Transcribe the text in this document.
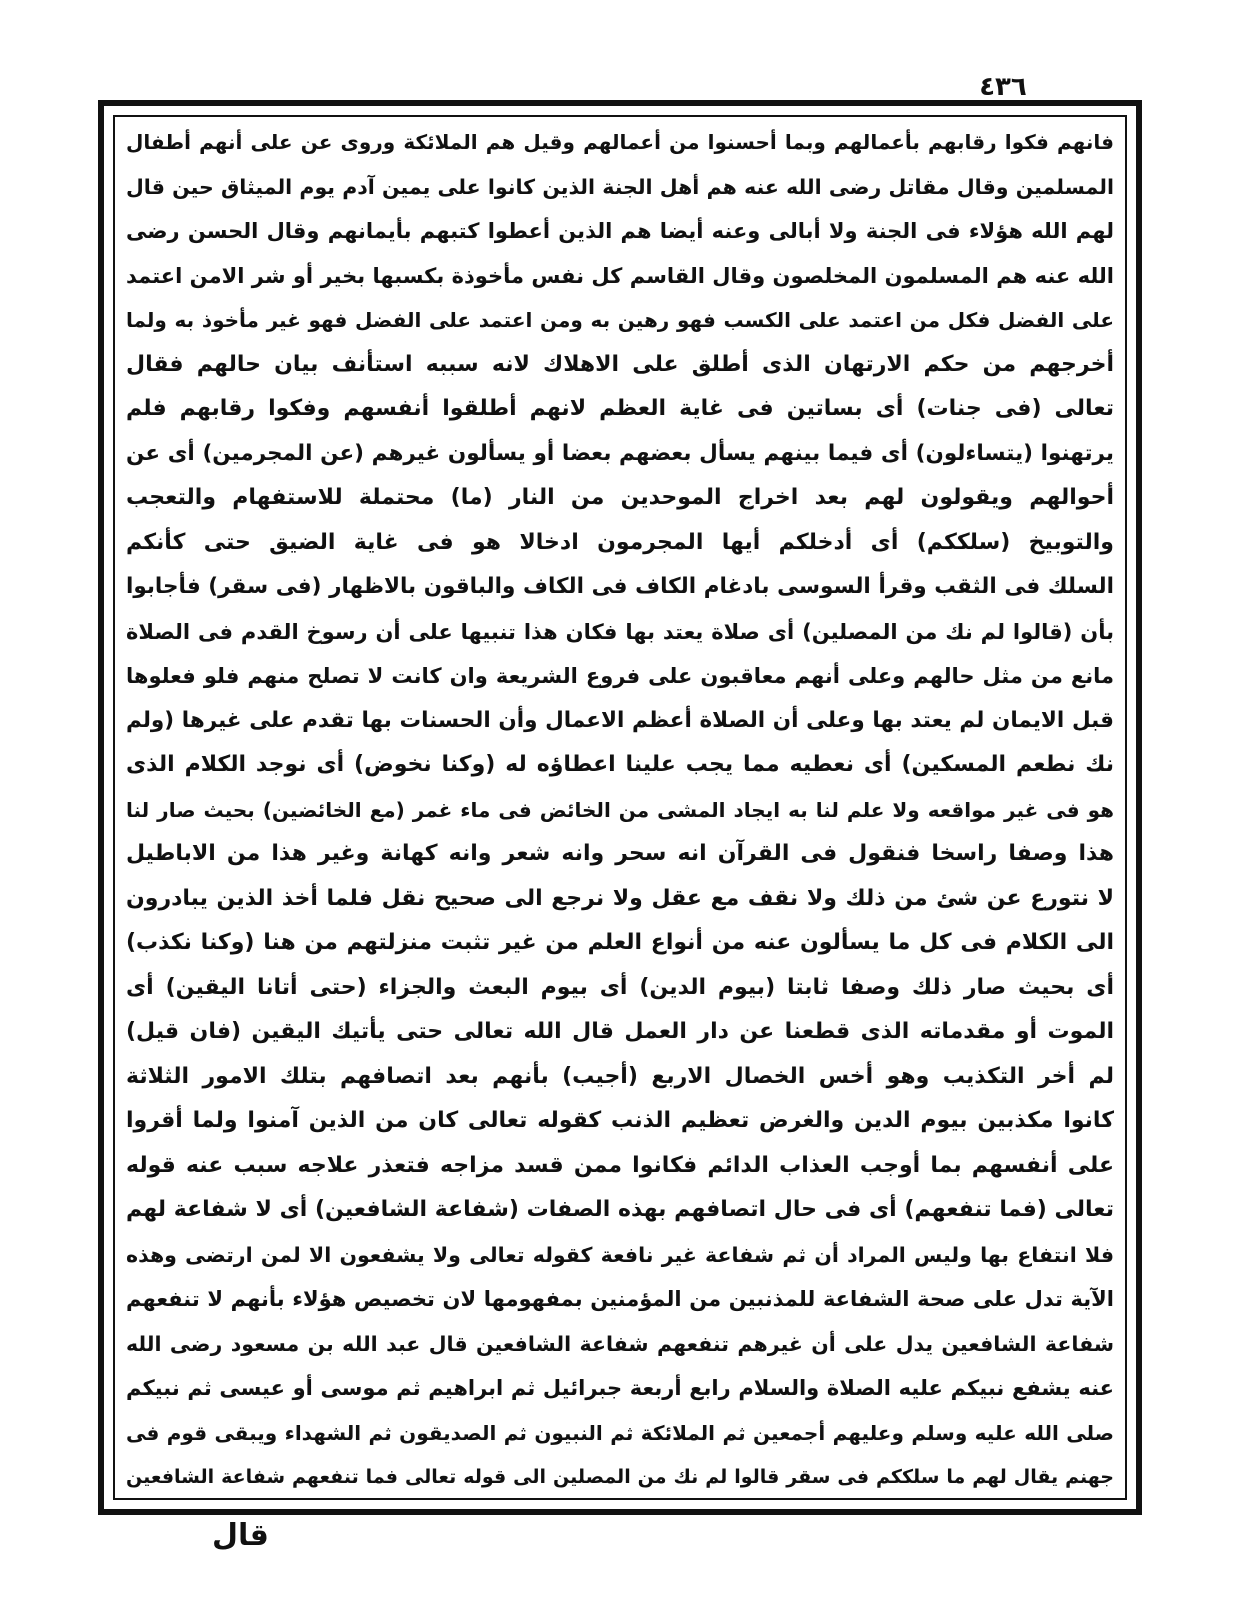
٤٣٦
فانهم فكوا رقابهم بأعمالهم وبما أحسنوا من أعمالهم وقيل هم الملائكة وروى عن على أنهم أطفال
المسلمين وقال مقاتل رضى الله عنه هم أهل الجنة الذين كانوا على يمين آدم يوم الميثاق حين قال
لهم الله هؤلاء فى الجنة ولا أبالى وعنه أيضا هم الذين أعطوا كتبهم بأيمانهم وقال الحسن رضى
الله عنه هم المسلمون المخلصون وقال القاسم كل نفس مأخوذة بكسبها بخير أو شر الامن اعتمد
على الفضل فكل من اعتمد على الكسب فهو رهين به ومن اعتمد على الفضل فهو غير مأخوذ به ولما
أخرجهم من حكم الارتهان الذى أطلق على الاهلاك لانه سببه استأنف بيان حالهم فقال
تعالى (فى جنات) أى بساتين فى غاية العظم لانهم أطلقوا أنفسهم وفكوا رقابهم فلم
يرتهنوا (يتساءلون) أى فيما بينهم يسأل بعضهم بعضا أو يسألون غيرهم (عن المجرمين) أى عن
أحوالهم ويقولون لهم بعد اخراج الموحدين من النار (ما) محتملة للاستفهام والتعجب
والتوبيخ (سلككم) أى أدخلكم أيها المجرمون ادخالا هو فى غاية الضيق حتى كأنكم
السلك فى الثقب وقرأ السوسى بادغام الكاف فى الكاف والباقون بالاظهار (فى سقر) فأجابوا
بأن (قالوا لم نك من المصلين) أى صلاة يعتد بها فكان هذا تنبيها على أن رسوخ القدم فى الصلاة
مانع من مثل حالهم وعلى أنهم معاقبون على فروع الشريعة وان كانت لا تصلح منهم فلو فعلوها
قبل الايمان لم يعتد بها وعلى أن الصلاة أعظم الاعمال وأن الحسنات بها تقدم على غيرها (ولم
نك نطعم المسكين) أى نعطيه مما يجب علينا اعطاؤه له (وكنا نخوض) أى نوجد الكلام الذى
هو فى غير مواقعه ولا علم لنا به ايجاد المشى من الخائض فى ماء غمر (مع الخائضين) بحيث صار لنا
هذا وصفا راسخا فنقول فى القرآن انه سحر وانه شعر وانه كهانة وغير هذا من الاباطيل
لا نتورع عن شئ من ذلك ولا نقف مع عقل ولا نرجع الى صحيح نقل فلما أخذ الذين يبادرون
الى الكلام فى كل ما يسألون عنه من أنواع العلم من غير تثبت منزلتهم من هنا (وكنا نكذب)
أى بحيث صار ذلك وصفا ثابتا (بيوم الدين) أى بيوم البعث والجزاء (حتى أتانا اليقين) أى
الموت أو مقدماته الذى قطعنا عن دار العمل قال الله تعالى حتى يأتيك اليقين (فان قيل)
لم أخر التكذيب وهو أخس الخصال الاربع (أجيب) بأنهم بعد اتصافهم بتلك الامور الثلاثة
كانوا مكذبين بيوم الدين والغرض تعظيم الذنب كقوله تعالى كان من الذين آمنوا ولما أقروا
على أنفسهم بما أوجب العذاب الدائم فكانوا ممن قسد مزاجه فتعذر علاجه سبب عنه قوله
تعالى (فما تنفعهم) أى فى حال اتصافهم بهذه الصفات (شفاعة الشافعين) أى لا شفاعة لهم
فلا انتفاع بها وليس المراد أن ثم شفاعة غير نافعة كقوله تعالى ولا يشفعون الا لمن ارتضى وهذه
الآية تدل على صحة الشفاعة للمذنبين من المؤمنين بمفهومها لان تخصيص هؤلاء بأنهم لا تنفعهم
شفاعة الشافعين يدل على أن غيرهم تنفعهم شفاعة الشافعين قال عبد الله بن مسعود رضى الله
عنه يشفع نبيكم عليه الصلاة والسلام رابع أربعة جبرائيل ثم ابراهيم ثم موسى أو عيسى ثم نبيكم
صلى الله عليه وسلم وعليهم أجمعين ثم الملائكة ثم النبيون ثم الصديقون ثم الشهداء ويبقى قوم فى
جهنم يقال لهم ما سلككم فى سقر قالوا لم نك من المصلين الى قوله تعالى فما تنفعهم شفاعة الشافعين
قال
